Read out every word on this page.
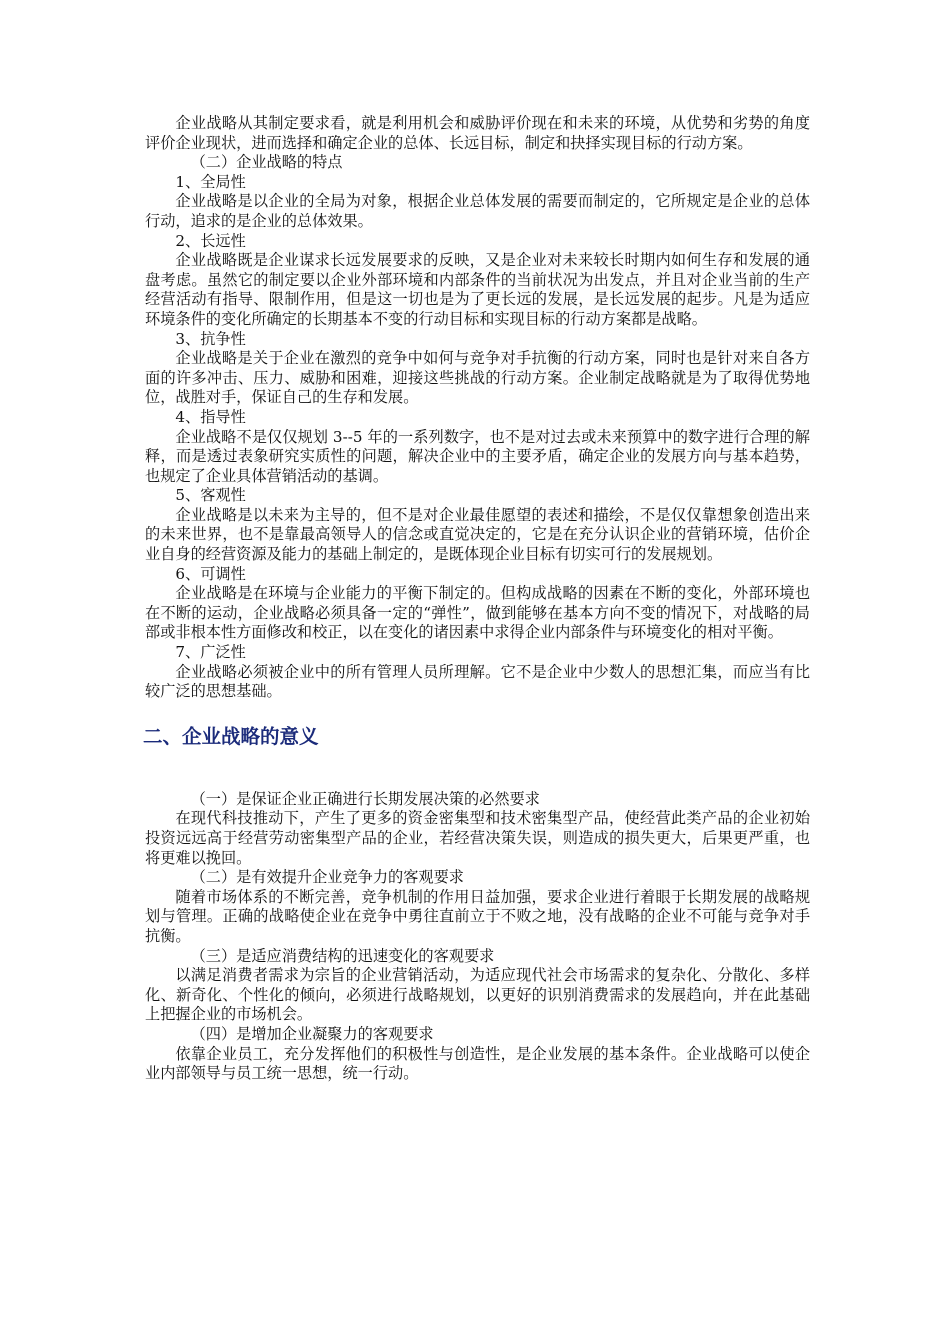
企业战略从其制定要求看，就是利用机会和威胁评价现在和未来的环境，从优势和劣势的角度评价企业现状，进而选择和确定企业的总体、长远目标，制定和抉择实现目标的行动方案。

（二）企业战略的特点

1、全局性

企业战略是以企业的全局为对象，根据企业总体发展的需要而制定的，它所规定是企业的总体行动，追求的是企业的总体效果。

2、长远性

企业战略既是企业谋求长远发展要求的反映，又是企业对未来较长时期内如何生存和发展的通盘考虑。虽然它的制定要以企业外部环境和内部条件的当前状况为出发点，并且对企业当前的生产经营活动有指导、限制作用，但是这一切也是为了更长远的发展，是长远发展的起步。凡是为适应环境条件的变化所确定的长期基本不变的行动目标和实现目标的行动方案都是战略。

3、抗争性

企业战略是关于企业在激烈的竞争中如何与竞争对手抗衡的行动方案，同时也是针对来自各方面的许多冲击、压力、威胁和困难，迎接这些挑战的行动方案。企业制定战略就是为了取得优势地位，战胜对手，保证自己的生存和发展。

4、指导性

企业战略不是仅仅规划 3--5 年的一系列数字，也不是对过去或未来预算中的数字进行合理的解释，而是透过表象研究实质性的问题，解决企业中的主要矛盾，确定企业的发展方向与基本趋势，也规定了企业具体营销活动的基调。

5、客观性

企业战略是以未来为主导的，但不是对企业最佳愿望的表述和描绘，不是仅仅靠想象创造出来的未来世界，也不是靠最高领导人的信念或直觉决定的，它是在充分认识企业的营销环境，估价企业自身的经营资源及能力的基础上制定的，是既体现企业目标有切实可行的发展规划。

6、可调性

企业战略是在环境与企业能力的平衡下制定的。但构成战略的因素在不断的变化，外部环境也在不断的运动，企业战略必须具备一定的“弹性”，做到能够在基本方向不变的情况下，对战略的局部或非根本性方面修改和校正，以在变化的诸因素中求得企业内部条件与环境变化的相对平衡。

7、广泛性

企业战略必须被企业中的所有管理人员所理解。它不是企业中少数人的思想汇集，而应当有比较广泛的思想基础。

二、企业战略的意义

（一）是保证企业正确进行长期发展决策的必然要求

在现代科技推动下，产生了更多的资金密集型和技术密集型产品，使经营此类产品的企业初始投资远远高于经营劳动密集型产品的企业，若经营决策失误，则造成的损失更大，后果更严重，也将更难以挽回。

（二）是有效提升企业竞争力的客观要求

随着市场体系的不断完善，竞争机制的作用日益加强，要求企业进行着眼于长期发展的战略规划与管理。正确的战略使企业在竞争中勇往直前立于不败之地，没有战略的企业不可能与竞争对手抗衡。

（三）是适应消费结构的迅速变化的客观要求

以满足消费者需求为宗旨的企业营销活动，为适应现代社会市场需求的复杂化、分散化、多样化、新奇化、个性化的倾向，必须进行战略规划，以更好的识别消费需求的发展趋向，并在此基础上把握企业的市场机会。

（四）是增加企业凝聚力的客观要求

依靠企业员工，充分发挥他们的积极性与创造性，是企业发展的基本条件。企业战略可以使企业内部领导与员工统一思想，统一行动。
